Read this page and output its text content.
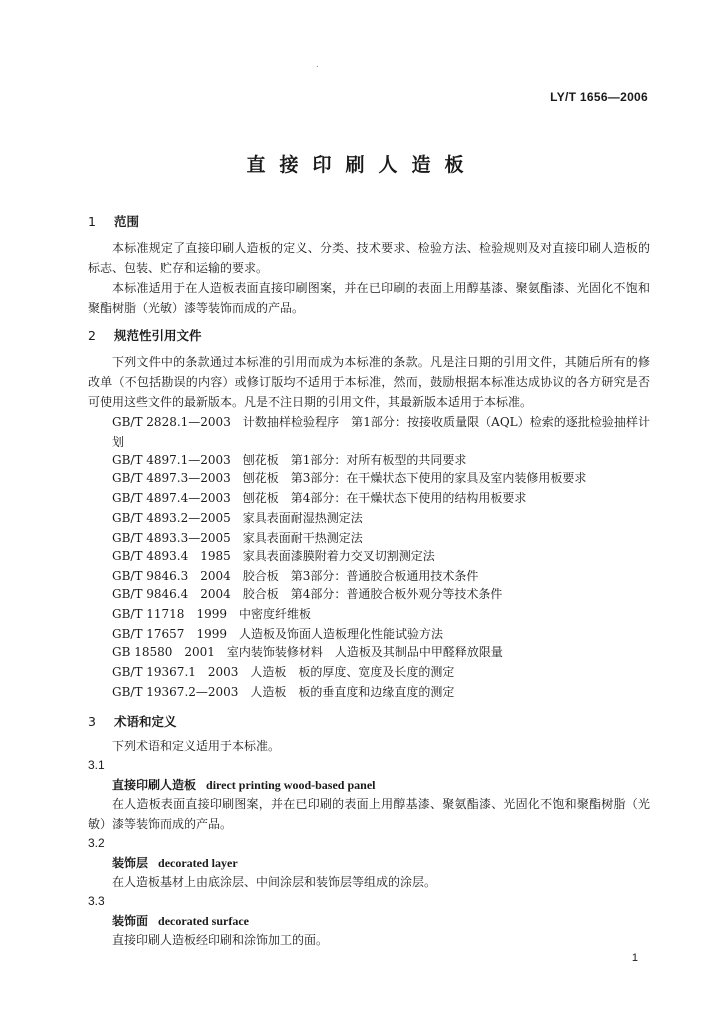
.
LY/T 1656—2006
直接印刷人造板
1 范围
本标准规定了直接印刷人造板的定义、分类、技术要求、检验方法、检验规则及对直接印刷人造板的标志、包装、贮存和运输的要求。
本标准适用于在人造板表面直接印刷图案，并在已印刷的表面上用醇基漆、聚氨酯漆、光固化不饱和聚酯树脂（光敏）漆等装饰而成的产品。
2 规范性引用文件
下列文件中的条款通过本标准的引用而成为本标准的条款。凡是注日期的引用文件，其随后所有的修改单（不包括勘误的内容）或修订版均不适用于本标准，然而，鼓励根据本标准达成协议的各方研究是否可使用这些文件的最新版本。凡是不注日期的引用文件，其最新版本适用于本标准。
GB/T 2828.1—2003　计数抽样检验程序　第1部分：按接收质量限（AQL）检索的逐批检验抽样计划
GB/T 4897.1—2003　刨花板　第1部分：对所有板型的共同要求
GB/T 4897.3—2003　刨花板　第3部分：在干燥状态下使用的家具及室内装修用板要求
GB/T 4897.4—2003　刨花板　第4部分：在干燥状态下使用的结构用板要求
GB/T 4893.2—2005　家具表面耐湿热测定法
GB/T 4893.3—2005　家具表面耐干热测定法
GB/T 4893.4　1985　家具表面漆膜附着力交叉切割测定法
GB/T 9846.3　2004　胶合板　第3部分：普通胶合板通用技术条件
GB/T 9846.4　2004　胶合板　第4部分：普通胶合板外观分等技术条件
GB/T 11718　1999　中密度纤维板
GB/T 17657　1999　人造板及饰面人造板理化性能试验方法
GB 18580　2001　室内装饰装修材料　人造板及其制品中甲醛释放限量
GB/T 19367.1　2003　人造板　板的厚度、宽度及长度的测定
GB/T 19367.2—2003　人造板　板的垂直度和边缘直度的测定
3 术语和定义
下列术语和定义适用于本标准。
3.1
直接印刷人造板 direct printing wood-based panel
在人造板表面直接印刷图案，并在已印刷的表面上用醇基漆、聚氨酯漆、光固化不饱和聚酯树脂（光敏）漆等装饰而成的产品。
3.2
装饰层 decorated layer
在人造板基材上由底涂层、中间涂层和装饰层等组成的涂层。
3.3
装饰面 decorated surface
直接印刷人造板经印刷和涂饰加工的面。
1
